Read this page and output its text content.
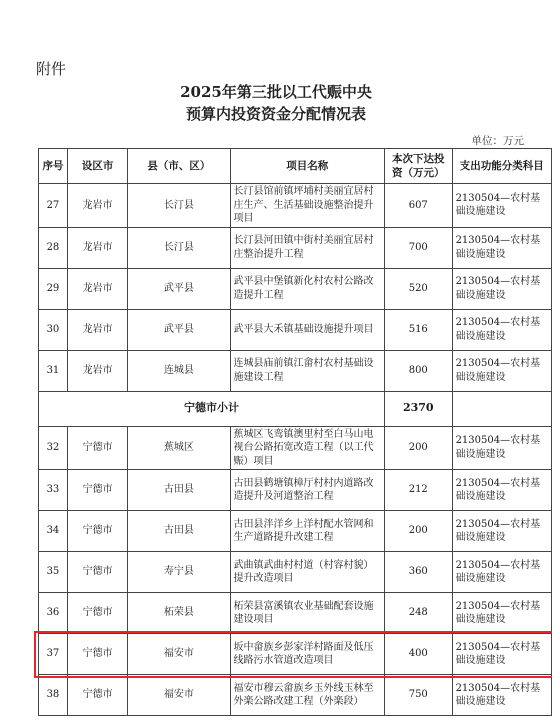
附件
2025年第三批以工代赈中央
预算内投资资金分配情况表
单位：万元
序号	设区市	县（市、区）	项目名称	本次下达投资（万元）	支出功能分类科目
27	龙岩市	长汀县	长汀县馆前镇坪埔村美丽宜居村庄生产、生活基础设施整治提升项目	607	2130504—农村基础设施建设
28	龙岩市	长汀县	长汀县河田镇中街村美丽宜居村庄整治提升工程	700	2130504—农村基础设施建设
29	龙岩市	武平县	武平县中堡镇新化村农村公路改造提升工程	520	2130504—农村基础设施建设
30	龙岩市	武平县	武平县大禾镇基础设施提升项目	516	2130504—农村基础设施建设
31	龙岩市	连城县	连城县庙前镇江畲村农村基础设施建设工程	800	2130504—农村基础设施建设
宁德市小计				2370	
32	宁德市	蕉城区	蕉城区飞鸾镇澳里村至白马山电视台公路拓宽改造工程（以工代赈）项目	200	2130504—农村基础设施建设
33	宁德市	古田县	古田县鹤塘镇樟厅村村内道路改造提升及河道整治工程	212	2130504—农村基础设施建设
34	宁德市	古田县	古田县泮洋乡上洋村配水管网和生产道路提升改建工程	200	2130504—农村基础设施建设
35	宁德市	寿宁县	武曲镇武曲村村道（村容村貌）提升改造项目	360	2130504—农村基础设施建设
36	宁德市	柘荣县	柘荣县富溪镇农业基础配套设施建设项目	248	2130504—农村基础设施建设
37	宁德市	福安市	坂中畲族乡彭家洋村路面及低压线路污水管道改造项目	400	2130504—农村基础设施建设
38	宁德市	福安市	福安市穆云畲族乡玉外线玉林至外楽公路改建工程（外楽段）	750	2130504—农村基础设施建设
